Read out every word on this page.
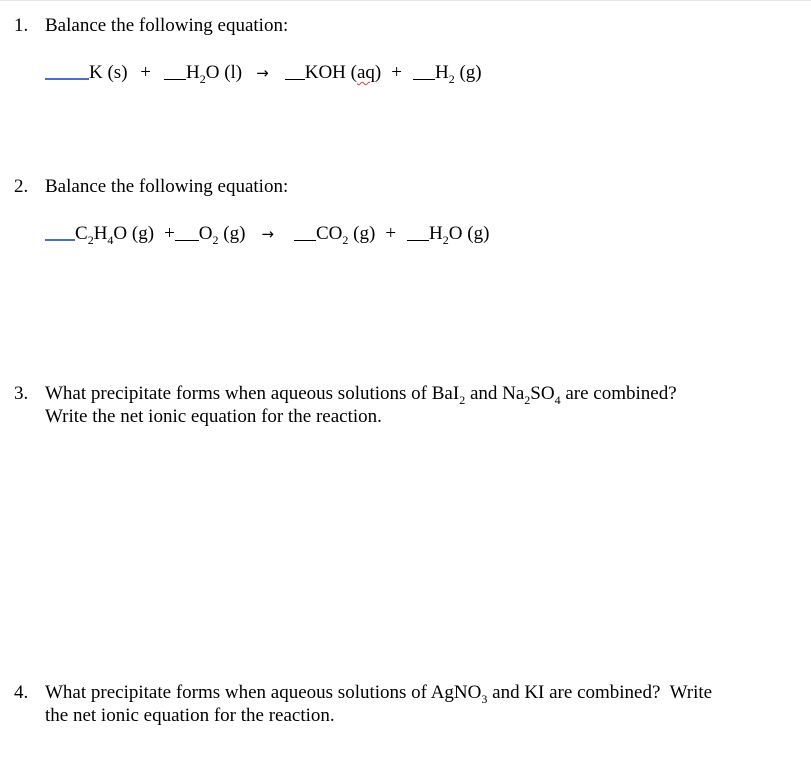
1. Balance the following equation:
K $(s) + H_2O$ (l) → KOH $(aq) + H_2$ (g)
2. Balance the following equation:
$C_2H_4O$ $(g) + O_2$ $(g) \to CO_2$ $(g) + H_2O$ (g)
3. What precipitate forms when aqueous solutions of BaI$_2$ and $Na_2SO_4$ are combined?
Write the net ionic equation for the reaction.
4. What precipitate forms when aqueous solutions of AgNO$_3$ and KI are combined?  Write
the net ionic equation for the reaction.
